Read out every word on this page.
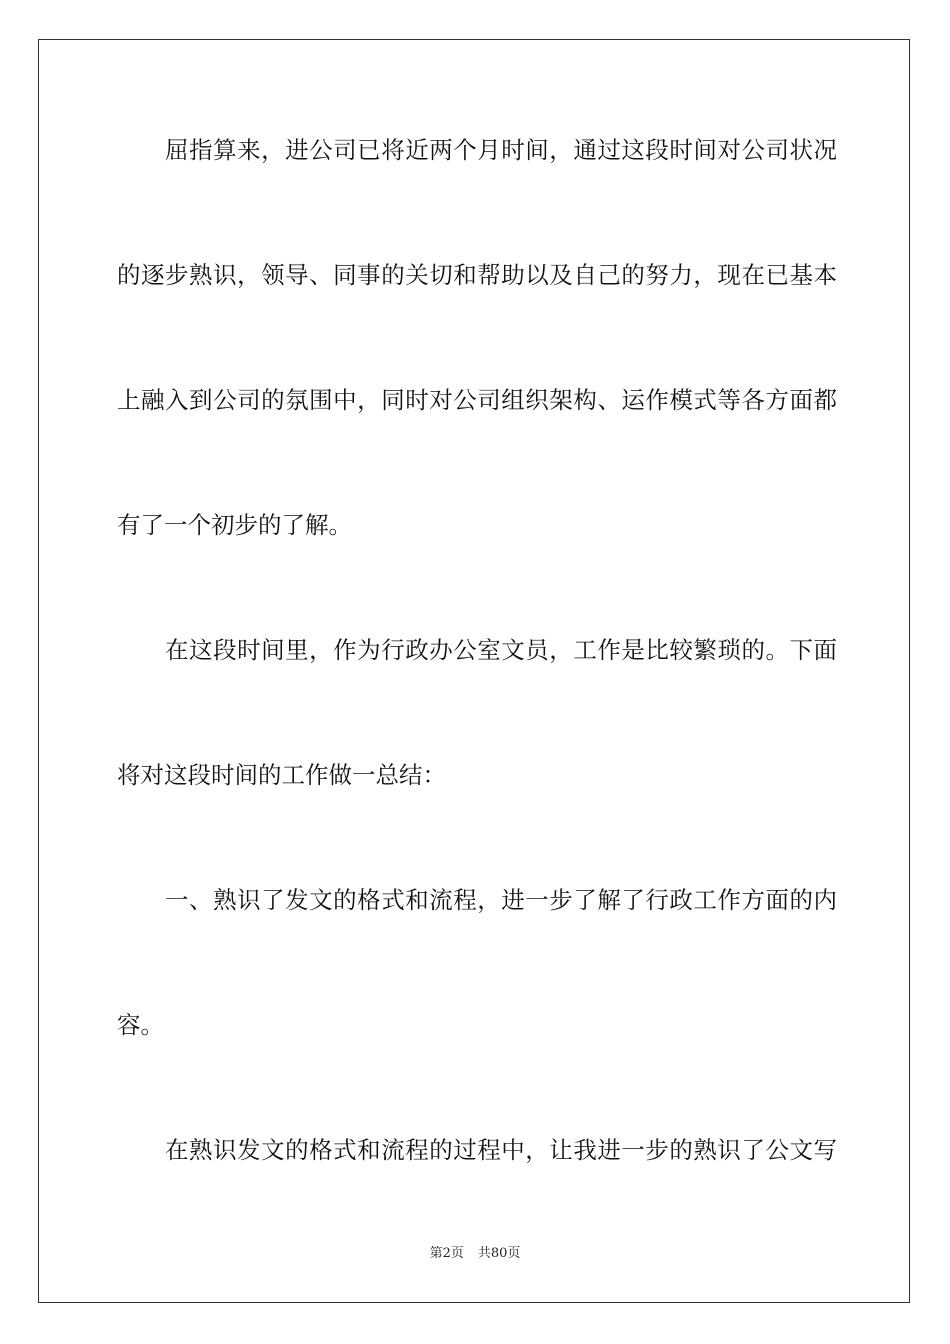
　　屈指算来，进公司已将近两个月时间，通过这段时间对公司状况
的逐步熟识，领导、同事的关切和帮助以及自己的努力，现在已基本
上融入到公司的氛围中，同时对公司组织架构、运作模式等各方面都
有了一个初步的了解。
　　在这段时间里，作为行政办公室文员，工作是比较繁琐的。下面
将对这段时间的工作做一总结：
　　一、熟识了发文的格式和流程，进一步了解了行政工作方面的内
容。
　　在熟识发文的格式和流程的过程中，让我进一步的熟识了公文写
第2页 共80页
